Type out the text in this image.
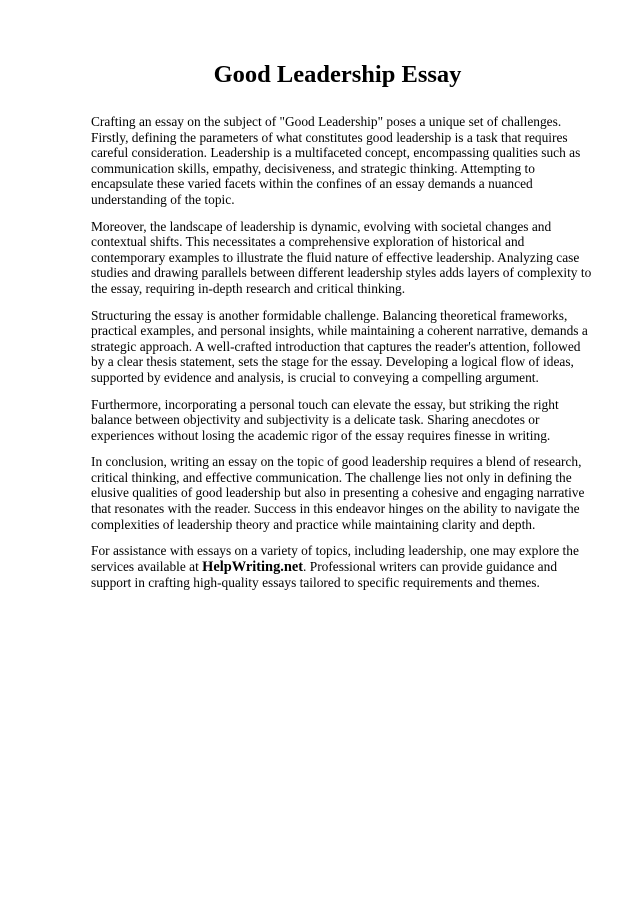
Good Leadership Essay

Crafting an essay on the subject of "Good Leadership" poses a unique set of challenges. Firstly, defining the parameters of what constitutes good leadership is a task that requires careful consideration. Leadership is a multifaceted concept, encompassing qualities such as communication skills, empathy, decisiveness, and strategic thinking. Attempting to encapsulate these varied facets within the confines of an essay demands a nuanced understanding of the topic.

Moreover, the landscape of leadership is dynamic, evolving with societal changes and contextual shifts. This necessitates a comprehensive exploration of historical and contemporary examples to illustrate the fluid nature of effective leadership. Analyzing case studies and drawing parallels between different leadership styles adds layers of complexity to the essay, requiring in-depth research and critical thinking.

Structuring the essay is another formidable challenge. Balancing theoretical frameworks, practical examples, and personal insights, while maintaining a coherent narrative, demands a strategic approach. A well-crafted introduction that captures the reader's attention, followed by a clear thesis statement, sets the stage for the essay. Developing a logical flow of ideas, supported by evidence and analysis, is crucial to conveying a compelling argument.

Furthermore, incorporating a personal touch can elevate the essay, but striking the right balance between objectivity and subjectivity is a delicate task. Sharing anecdotes or experiences without losing the academic rigor of the essay requires finesse in writing.

In conclusion, writing an essay on the topic of good leadership requires a blend of research, critical thinking, and effective communication. The challenge lies not only in defining the elusive qualities of good leadership but also in presenting a cohesive and engaging narrative that resonates with the reader. Success in this endeavor hinges on the ability to navigate the complexities of leadership theory and practice while maintaining clarity and depth.

For assistance with essays on a variety of topics, including leadership, one may explore the services available at HelpWriting.net. Professional writers can provide guidance and support in crafting high-quality essays tailored to specific requirements and themes.
